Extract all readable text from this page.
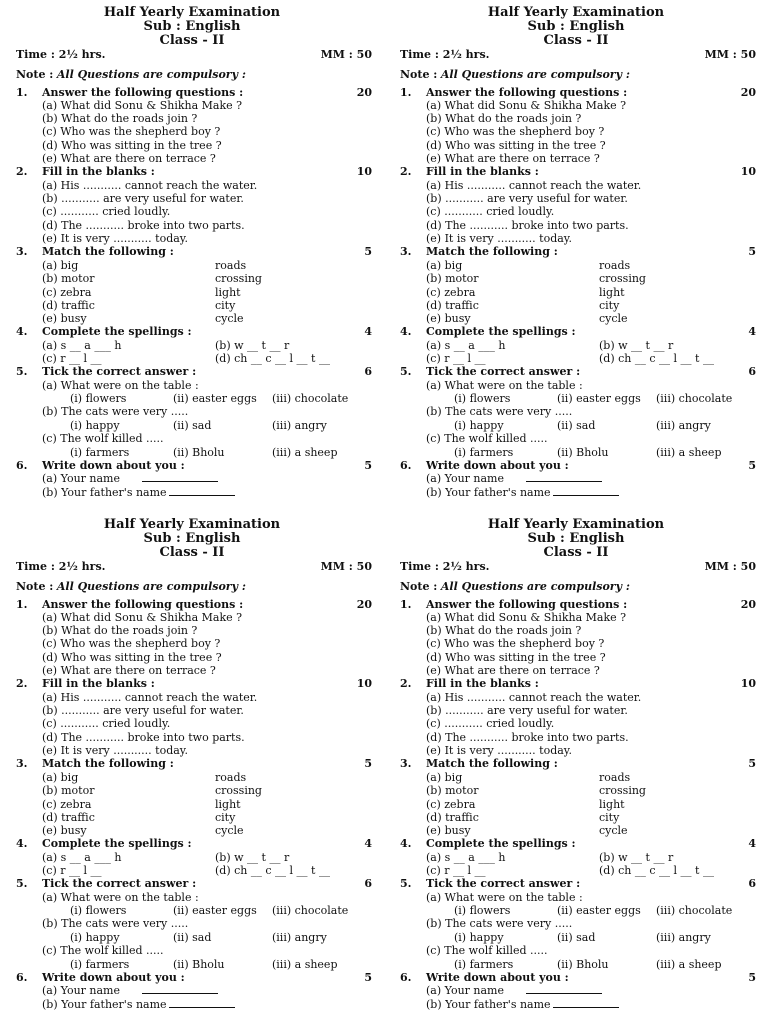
Half Yearly Examination
Sub : English
Class - II
Time : 2½ hrs.	MM : 50
Note : All Questions are compulsory :
1. Answer the following questions :	20
(a) What did Sonu & Shikha Make ?
(b) What do the roads join ?
(c) Who was the shepherd boy ?
(d) Who was sitting in the tree ?
(e) What are there on terrace ?
2. Fill in the blanks :	10
(a) His ........... cannot reach the water.
(b) ........... are very useful for water.
(c) ........... cried loudly.
(d) The ........... broke into two parts.
(e) It is very ........... today.
3. Match the following :	5
(a) big	roads
(b) motor	crossing
(c) zebra	light
(d) traffic	city
(e) busy	cycle
4. Complete the spellings :	4
(a) s __ a ___ h	(b) w __ t __ r
(c) r __ l __	(d) ch __ c __ l __ t __
5. Tick the correct answer :	6
(a) What were on the table :
(i) flowers	(ii) easter eggs (iii) chocolate
(b) The cats were very .....
(i) happy	(ii) sad	(iii) angry
(c) The wolf killed .....
(i) farmers	(ii) Bholu	(iii) a sheep
6. Write down about you :	5
(a) Your name
(b) Your father's name
Half Yearly Examination
Sub : English
Class - II
Time : 2½ hrs.	MM : 50
Note : All Questions are compulsory :
1. Answer the following questions :	20
(a) What did Sonu & Shikha Make ?
(b) What do the roads join ?
(c) Who was the shepherd boy ?
(d) Who was sitting in the tree ?
(e) What are there on terrace ?
2. Fill in the blanks :	10
(a) His ........... cannot reach the water.
(b) ........... are very useful for water.
(c) ........... cried loudly.
(d) The ........... broke into two parts.
(e) It is very ........... today.
3. Match the following :	5
(a) big	roads
(b) motor	crossing
(c) zebra	light
(d) traffic	city
(e) busy	cycle
4. Complete the spellings :	4
(a) s __ a ___ h	(b) w __ t __ r
(c) r __ l __	(d) ch __ c __ l __ t __
5. Tick the correct answer :	6
(a) What were on the table :
(i) flowers	(ii) easter eggs (iii) chocolate
(b) The cats were very .....
(i) happy	(ii) sad	(iii) angry
(c) The wolf killed .....
(i) farmers	(ii) Bholu	(iii) a sheep
6. Write down about you :	5
(a) Your name
(b) Your father's name
Half Yearly Examination
Sub : English
Class - II
Time : 2½ hrs.	MM : 50
Note : All Questions are compulsory :
1. Answer the following questions :	20
(a) What did Sonu & Shikha Make ?
(b) What do the roads join ?
(c) Who was the shepherd boy ?
(d) Who was sitting in the tree ?
(e) What are there on terrace ?
2. Fill in the blanks :	10
(a) His ........... cannot reach the water.
(b) ........... are very useful for water.
(c) ........... cried loudly.
(d) The ........... broke into two parts.
(e) It is very ........... today.
3. Match the following :	5
(a) big	roads
(b) motor	crossing
(c) zebra	light
(d) traffic	city
(e) busy	cycle
4. Complete the spellings :	4
(a) s __ a ___ h	(b) w __ t __ r
(c) r __ l __	(d) ch __ c __ l __ t __
5. Tick the correct answer :	6
(a) What were on the table :
(i) flowers	(ii) easter eggs (iii) chocolate
(b) The cats were very .....
(i) happy	(ii) sad	(iii) angry
(c) The wolf killed .....
(i) farmers	(ii) Bholu	(iii) a sheep
6. Write down about you :	5
(a) Your name
(b) Your father's name
Half Yearly Examination
Sub : English
Class - II
Time : 2½ hrs.	MM : 50
Note : All Questions are compulsory :
1. Answer the following questions :	20
(a) What did Sonu & Shikha Make ?
(b) What do the roads join ?
(c) Who was the shepherd boy ?
(d) Who was sitting in the tree ?
(e) What are there on terrace ?
2. Fill in the blanks :	10
(a) His ........... cannot reach the water.
(b) ........... are very useful for water.
(c) ........... cried loudly.
(d) The ........... broke into two parts.
(e) It is very ........... today.
3. Match the following :	5
(a) big	roads
(b) motor	crossing
(c) zebra	light
(d) traffic	city
(e) busy	cycle
4. Complete the spellings :	4
(a) s __ a ___ h	(b) w __ t __ r
(c) r __ l __	(d) ch __ c __ l __ t __
5. Tick the correct answer :	6
(a) What were on the table :
(i) flowers	(ii) easter eggs (iii) chocolate
(b) The cats were very .....
(i) happy	(ii) sad	(iii) angry
(c) The wolf killed .....
(i) farmers	(ii) Bholu	(iii) a sheep
6. Write down about you :	5
(a) Your name
(b) Your father's name
